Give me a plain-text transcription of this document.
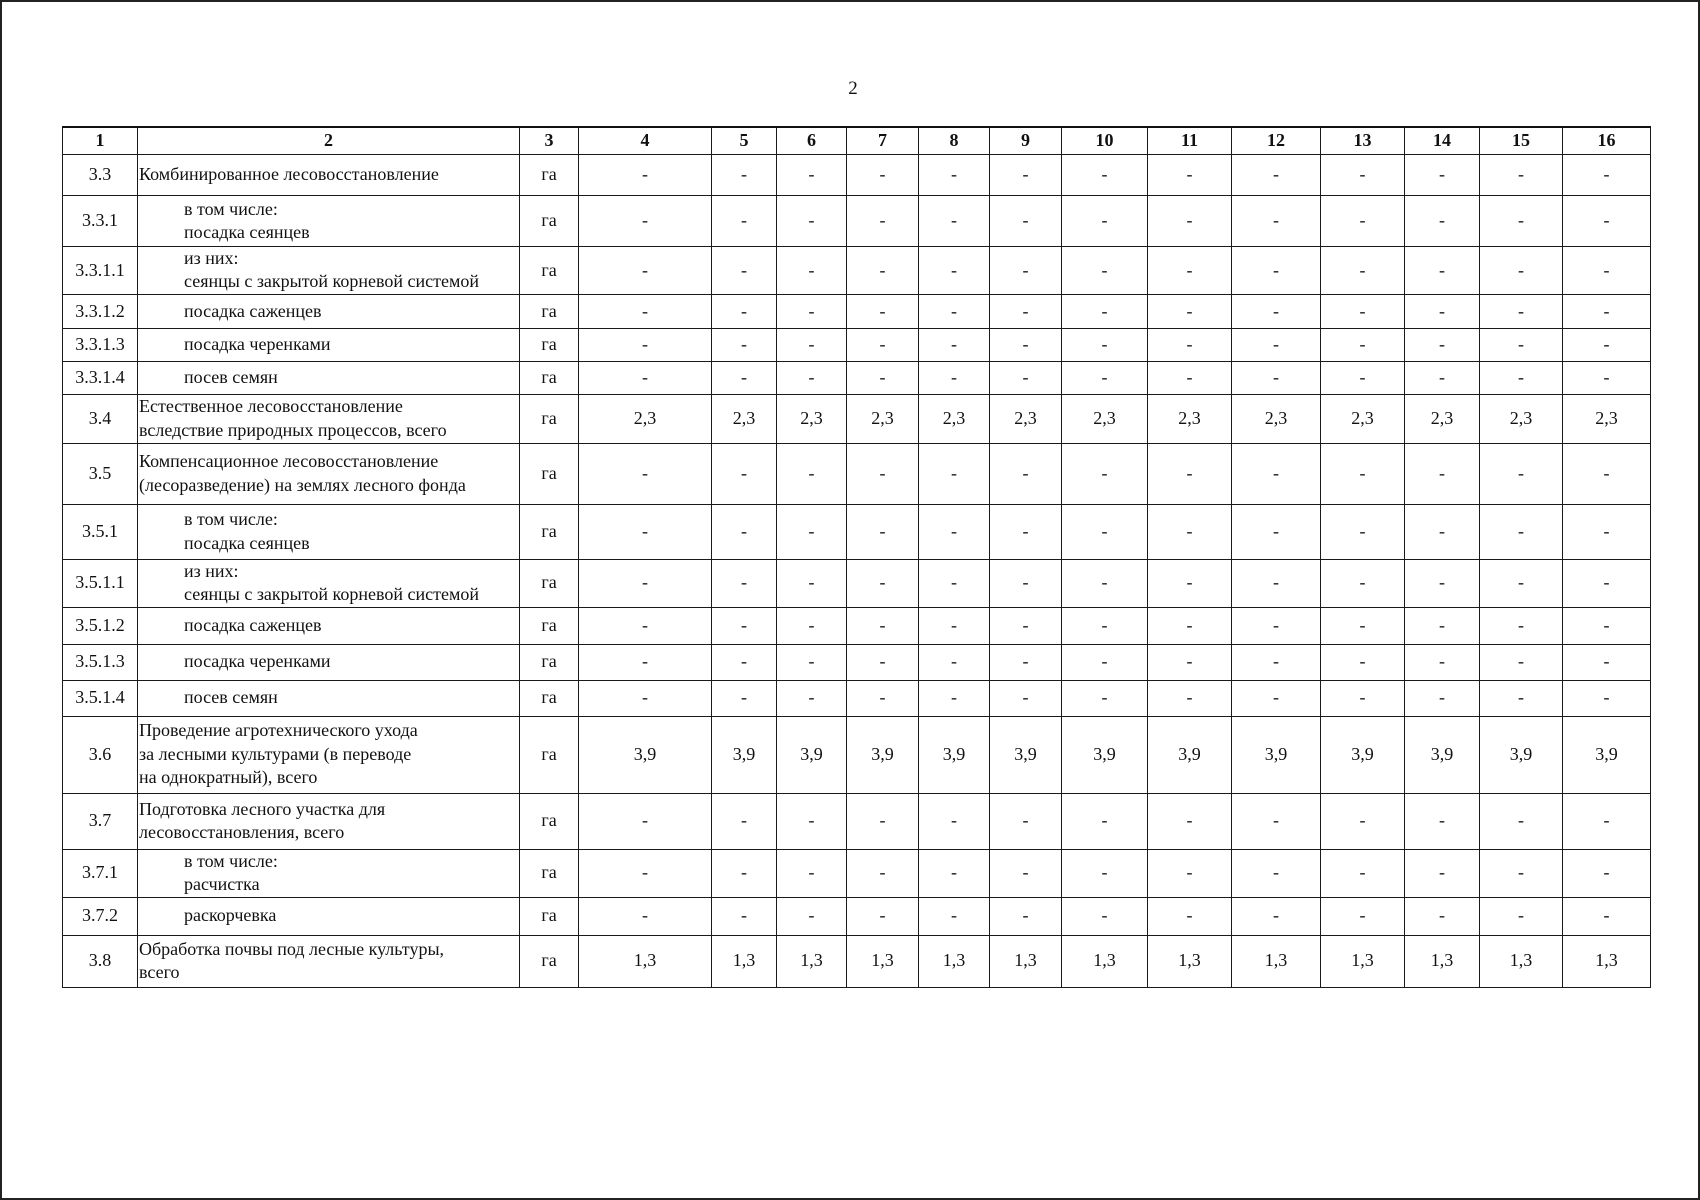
2
1	2	3	4	5	6	7	8	9	10	11	12	13	14	15	16
3.3	Комбинированное лесовосстановление	га	-	-	-	-	-	-	-	-	-	-	-	-	-
3.3.1	в том числе:
посадка сеянцев	га	-	-	-	-	-	-	-	-	-	-	-	-	-
3.3.1.1	из них:
сеянцы с закрытой корневой системой	га	-	-	-	-	-	-	-	-	-	-	-	-	-
3.3.1.2	посадка саженцев	га	-	-	-	-	-	-	-	-	-	-	-	-	-
3.3.1.3	посадка черенками	га	-	-	-	-	-	-	-	-	-	-	-	-	-
3.3.1.4	посев семян	га	-	-	-	-	-	-	-	-	-	-	-	-	-
3.4	Естественное лесовосстановление
вследствие природных процессов, всего	га	2,3	2,3	2,3	2,3	2,3	2,3	2,3	2,3	2,3	2,3	2,3	2,3	2,3
3.5	Компенсационное лесовосстановление
(лесоразведение) на землях лесного фонда	га	-	-	-	-	-	-	-	-	-	-	-	-	-
3.5.1	в том числе:
посадка сеянцев	га	-	-	-	-	-	-	-	-	-	-	-	-	-
3.5.1.1	из них:
сеянцы с закрытой корневой системой	га	-	-	-	-	-	-	-	-	-	-	-	-	-
3.5.1.2	посадка саженцев	га	-	-	-	-	-	-	-	-	-	-	-	-	-
3.5.1.3	посадка черенками	га	-	-	-	-	-	-	-	-	-	-	-	-	-
3.5.1.4	посев семян	га	-	-	-	-	-	-	-	-	-	-	-	-	-
3.6	Проведение агротехнического ухода
за лесными культурами (в переводе
на однократный), всего	га	3,9	3,9	3,9	3,9	3,9	3,9	3,9	3,9	3,9	3,9	3,9	3,9	3,9
3.7	Подготовка лесного участка для
лесовосстановления, всего	га	-	-	-	-	-	-	-	-	-	-	-	-	-
3.7.1	в том числе:
расчистка	га	-	-	-	-	-	-	-	-	-	-	-	-	-
3.7.2	раскорчевка	га	-	-	-	-	-	-	-	-	-	-	-	-	-
3.8	Обработка почвы под лесные культуры,
всего	га	1,3	1,3	1,3	1,3	1,3	1,3	1,3	1,3	1,3	1,3	1,3	1,3	1,3
